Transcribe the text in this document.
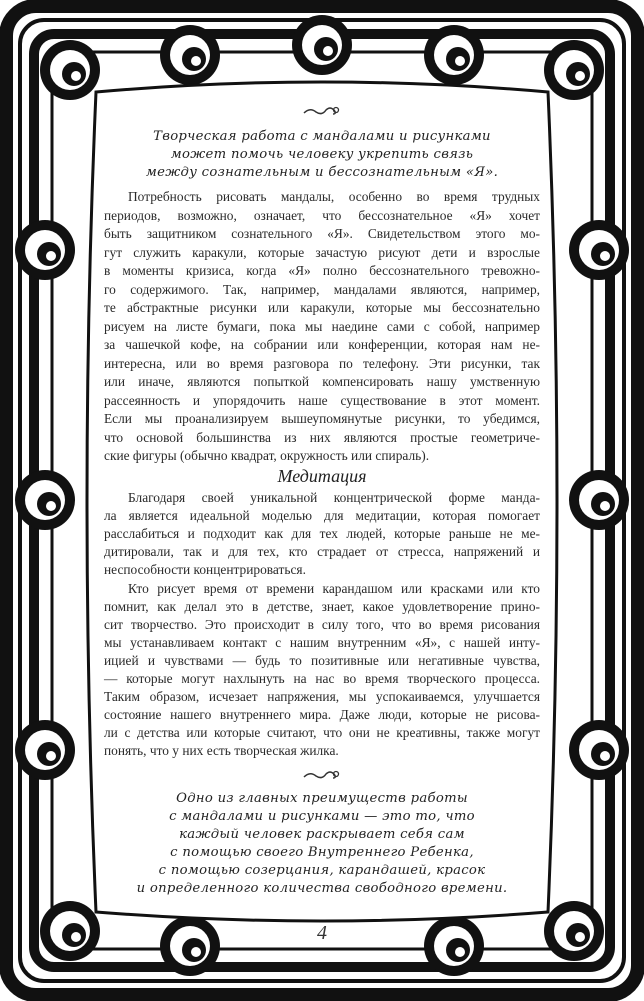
Творческая работа с мандалами и рисунками
может помочь человеку укрепить связь
между сознательным и бессознательным «Я».
Потребность рисовать мандалы, особенно во время трудных
периодов, возможно, означает, что бессознательное «Я» хочет
быть защитником сознательного «Я». Свидетельством этого мо-
гут служить каракули, которые зачастую рисуют дети и взрослые
в моменты кризиса, когда «Я» полно бессознательного тревожно-
го содержимого. Так, например, мандалами являются, например,
те абстрактные рисунки или каракули, которые мы бессознательно
рисуем на листе бумаги, пока мы наедине сами с собой, например
за чашечкой кофе, на собрании или конференции, которая нам не-
интересна, или во время разговора по телефону. Эти рисунки, так
или иначе, являются попыткой компенсировать нашу умственную
рассеянность и упорядочить наше существование в этот момент.
Если мы проанализируем вышеупомянутые рисунки, то убедимся,
что основой большинства из них являются простые геометриче-
ские фигуры (обычно квадрат, окружность или спираль).
Медитация
Благодаря своей уникальной концентрической форме манда-
ла является идеальной моделью для медитации, которая помогает
расслабиться и подходит как для тех людей, которые раньше не ме-
дитировали, так и для тех, кто страдает от стресса, напряжений и
неспособности концентрироваться.
Кто рисует время от времени карандашом или красками или кто
помнит, как делал это в детстве, знает, какое удовлетворение прино-
сит творчество. Это происходит в силу того, что во время рисования
мы устанавливаем контакт с нашим внутренним «Я», с нашей инту-
ицией и чувствами — будь то позитивные или негативные чувства,
— которые могут нахлынуть на нас во время творческого процесса.
Таким образом, исчезает напряжения, мы успокаиваемся, улучшается
состояние нашего внутреннего мира. Даже люди, которые не рисова-
ли с детства или которые считают, что они не креативны, также могут
понять, что у них есть творческая жилка.
Одно из главных преимуществ работы
с мандалами и рисунками — это то, что
каждый человек раскрывает себя сам
с помощью своего Внутреннего Ребенка,
с помощью созерцания, карандашей, красок
и определенного количества свободного времени.
4
